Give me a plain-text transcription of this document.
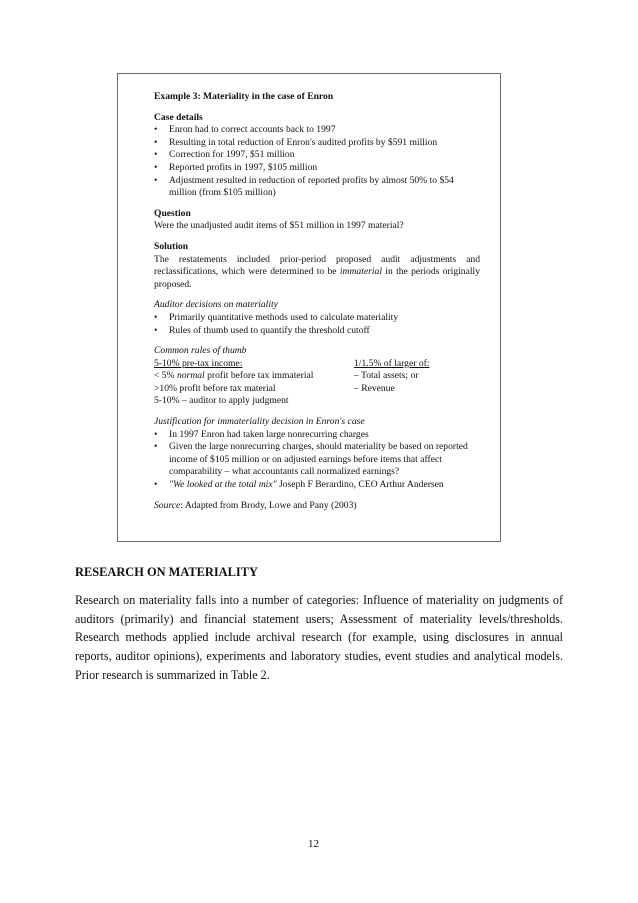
Example 3: Materiality in the case of Enron
Case details
•	Enron had to correct accounts back to 1997
•	Resulting in total reduction of Enron's audited profits by $591 million
•	Correction for 1997, $51 million
•	Reported profits in 1997, $105 million
•	Adjustment resulted in reduction of reported profits by almost 50% to $54 million (from $105 million)
Question
Were the unadjusted audit items of $51 million in 1997 material?
Solution
The restatements included prior-period proposed audit adjustments and reclassifications, which were determined to be immaterial in the periods originally proposed.
Auditor decisions on materiality
•	Primarily quantitative methods used to calculate materiality
•	Rules of thumb used to quantify the threshold cutoff
Common rules of thumb
5-10% pre-tax income:	1/1.5% of larger of:
< 5% normal profit before tax immaterial	– Total assets; or
>10% profit before tax material	– Revenue
5-10% – auditor to apply judgment
Justification for immateriality decision in Enron's case
•	In 1997 Enron had taken large nonrecurring charges
•	Given the large nonrecurring charges, should materiality be based on reported income of $105 million or on adjusted earnings before items that affect comparability – what accountants call normalized earnings?
•	"We looked at the total mix" Joseph F Berardino, CEO Arthur Andersen
Source: Adapted from Brody, Lowe and Pany (2003)
RESEARCH ON MATERIALITY
Research on materiality falls into a number of categories: Influence of materiality on judgments of auditors (primarily) and financial statement users; Assessment of materiality levels/thresholds. Research methods applied include archival research (for example, using disclosures in annual reports, auditor opinions), experiments and laboratory studies, event studies and analytical models. Prior research is summarized in Table 2.
12
